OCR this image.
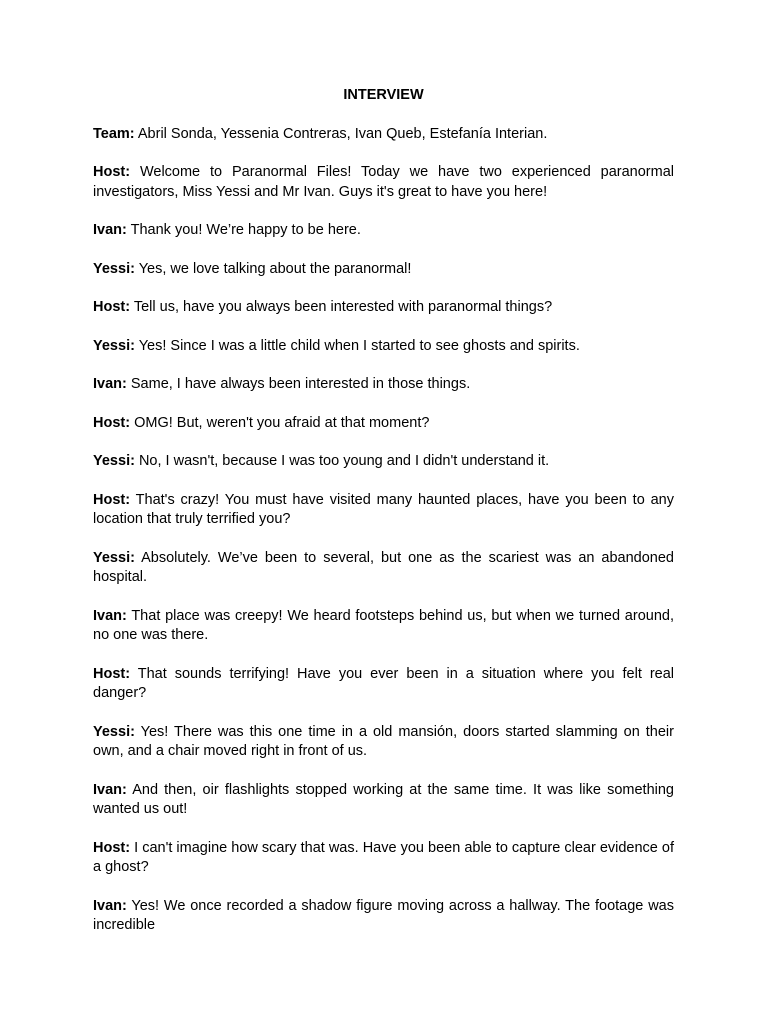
INTERVIEW

Team: Abril Sonda, Yessenia Contreras, Ivan Queb, Estefanía Interian.

Host: Welcome to Paranormal Files! Today we have two experienced paranormal investigators, Miss Yessi and Mr Ivan. Guys it's great to have you here!

Ivan: Thank you! We’re happy to be here.

Yessi: Yes, we love talking about the paranormal!

Host: Tell us, have you always been interested with paranormal things?

Yessi: Yes! Since I was a little child when I started to see ghosts and spirits.

Ivan: Same, I have always been interested in those things.

Host: OMG! But, weren't you afraid at that moment?

Yessi: No, I wasn't, because I was too young and I didn't understand it.

Host: That's crazy! You must have visited many haunted places, have you been to any location that truly terrified you?

Yessi: Absolutely. We’ve been to several, but one as the scariest was an abandoned hospital.

Ivan: That place was creepy! We heard footsteps behind us, but when we turned around, no one was there.

Host: That sounds terrifying! Have you ever been in a situation where you felt real danger?

Yessi: Yes! There was this one time in a old mansión, doors started slamming on their own, and a chair moved right in front of us.

Ivan: And then, oir flashlights stopped working at the same time. It was like something wanted us out!

Host: I can't imagine how scary that was. Have you been able to capture clear evidence of a ghost?

Ivan: Yes! We once recorded a shadow figure moving across a hallway. The footage was incredible
